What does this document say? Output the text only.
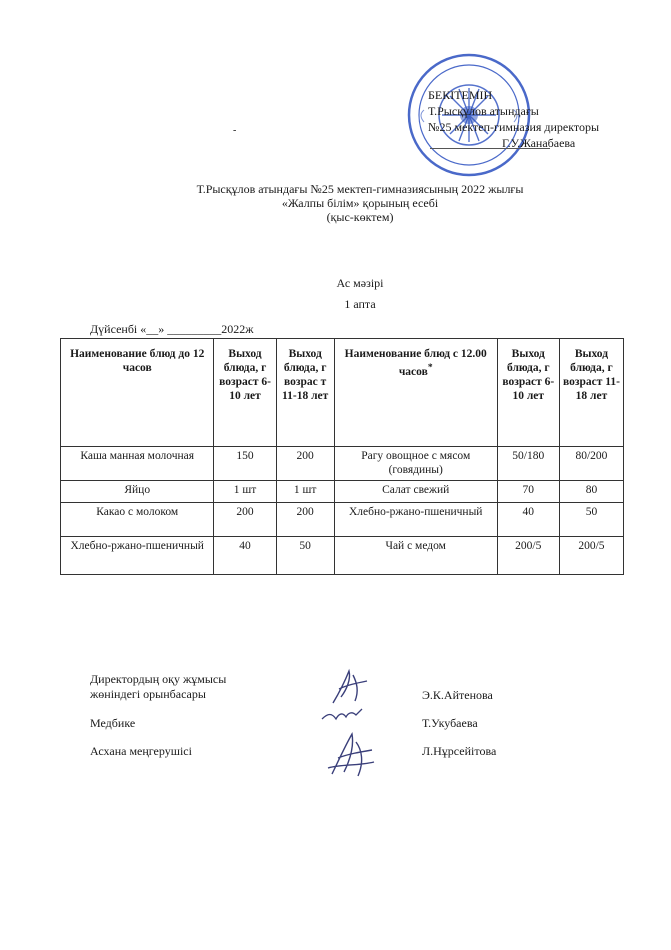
БЕКІТЕМІН
Т.Рысқұлов атындағы
№25 мектеп-гимназия директоры
Г.У.Жанабаева
-
Т.Рысқұлов атындағы №25 мектеп-гимназиясының 2022 жылғы
«Жалпы білім» қорының есебі
(қыс-көктем)
Ас мәзірі
1 апта
Дүйсенбі «__» _________2022ж
Наименование блюд до 12 часов	Выход блюда, г возраст 6-10 лет	Выход блюда, г возрас т 11-18 лет	Наименование блюд с 12.00 часов*	Выход блюда, г возраст 6-10 лет	Выход блюда, г возраст 11-18 лет
Каша манная молочная	150	200	Рагу овощное с мясом (говядины)	50/180	80/200
Яйцо	1 шт	1 шт	Салат свежий	70	80
Какао с молоком	200	200	Хлебно-ржано-пшеничный	40	50
Хлебно-ржано-пшеничный	40	50	Чай с медом	200/5	200/5
Директордың оқу жұмысы
жөніндегі орынбасары	Э.К.Айтенова
Медбике	Т.Укубаева
Асхана меңгерушісі	Л.Нұрсейітова
